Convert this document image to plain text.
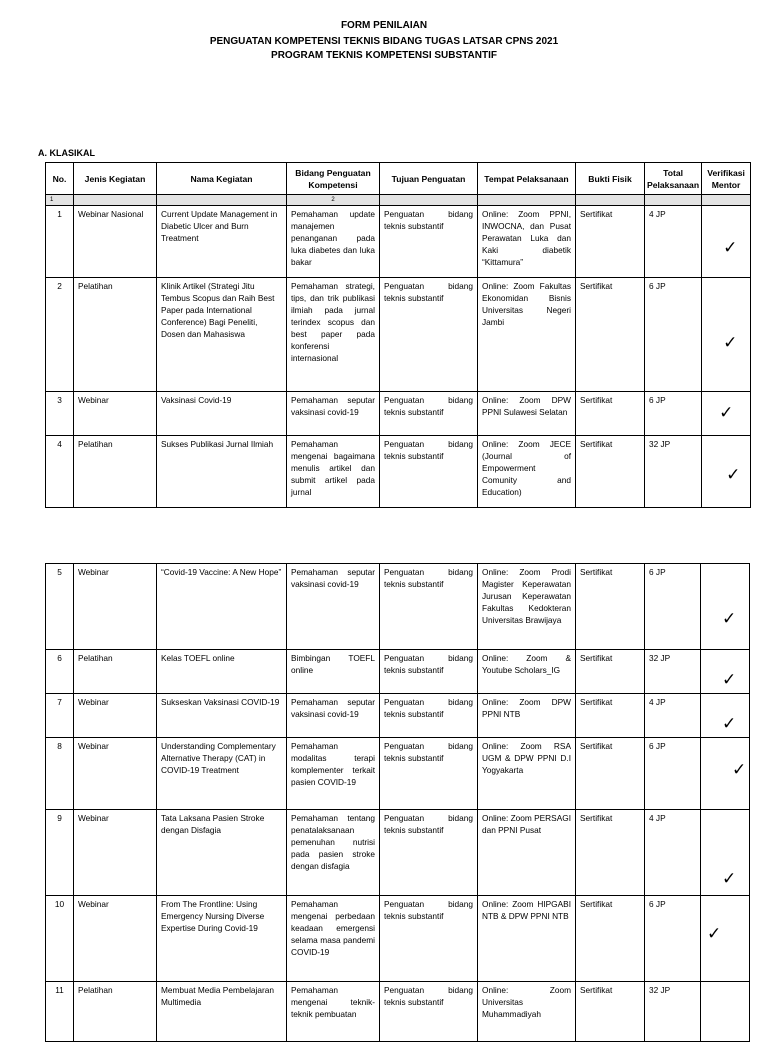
FORM PENILAIAN
PENGUATAN KOMPETENSI TEKNIS BIDANG TUGAS LATSAR CPNS 2021
PROGRAM TEKNIS KOMPETENSI SUBSTANTIF
A. KLASIKAL
No.	Jenis Kegiatan	Nama Kegiatan	Bidang Penguatan Kompetensi	Tujuan Penguatan	Tempat Pelaksanaan	Bukti Fisik	Total Pelaksanaan	Verifikasi Mentor
1			2					
1	Webinar Nasional	Current Update Management in Diabetic Ulcer and Burn Treatment	Pemahaman update manajemen penanganan pada luka diabetes dan luka bakar	Penguatan bidang teknis substantif	Online: Zoom PPNI, INWOCNA, dan Pusat Perawatan Luka dan Kaki diabetik “Kittamura”	Sertifikat	4 JP	✓

2	Pelatihan	Klinik Artikel (Strategi Jitu Tembus Scopus dan Raih Best Paper pada International Conference) Bagi Peneliti, Dosen dan Mahasiswa	Pemahaman strategi, tips, dan trik publikasi ilmiah pada jurnal terindex scopus dan best paper pada konferensi internasional	Penguatan bidang teknis substantif	Online: Zoom Fakultas Ekonomidan Bisnis Universitas Negeri Jambi	Sertifikat	6 JP	✓

3	Webinar	Vaksinasi Covid-19	Pemahaman seputar vaksinasi covid-19	Penguatan bidang teknis substantif	Online: Zoom DPW PPNI Sulawesi Selatan	Sertifikat	6 JP	✓

4	Pelatihan	Sukses Publikasi Jurnal Ilmiah	Pemahaman mengenai bagaimana menulis artikel dan submit artikel pada jurnal	Penguatan bidang teknis substantif	Online: Zoom JECE (Journal of Empowerment Comunity and Education)	Sertifikat	32 JP	✓
5	Webinar	“Covid-19 Vaccine: A New Hope”	Pemahaman seputar vaksinasi covid-19	Penguatan bidang teknis substantif	Online: Zoom Prodi Magister Keperawatan Jurusan Keperawatan Fakultas Kedokteran Universitas Brawijaya	Sertifikat	6 JP	✓

6	Pelatihan	Kelas TOEFL online	Bimbingan TOEFL online	Penguatan bidang teknis substantif	Online: Zoom & Youtube Scholars_IG	Sertifikat	32 JP	✓

7	Webinar	Sukseskan Vaksinasi COVID-19	Pemahaman seputar vaksinasi covid-19	Penguatan bidang teknis substantif	Online: Zoom DPW PPNI NTB	Sertifikat	4 JP	✓

8	Webinar	Understanding Complementary Alternative Therapy (CAT) in COVID-19 Treatment	Pemahaman modalitas terapi komplementer terkait pasien COVID-19	Penguatan bidang teknis substantif	Online: Zoom RSA UGM & DPW PPNI D.I Yogyakarta	Sertifikat	6 JP	✓

9	Webinar	Tata Laksana Pasien Stroke dengan Disfagia	Pemahaman tentang penatalaksanaan pemenuhan nutrisi pada pasien stroke dengan disfagia	Penguatan bidang teknis substantif	Online: Zoom PERSAGI dan PPNI Pusat	Sertifikat	4 JP	✓

10	Webinar	From The Frontline: Using Emergency Nursing Diverse Expertise During Covid-19	Pemahaman mengenai perbedaan keadaan emergensi selama masa pandemi COVID-19	Penguatan bidang teknis substantif	Online: Zoom HIPGABI NTB & DPW PPNI NTB	Sertifikat	6 JP	✓

11	Pelatihan	Membuat Media Pembelajaran Multimedia	Pemahaman mengenai teknik-teknik pembuatan	Penguatan bidang teknis substantif	Online: Zoom Universitas Muhammadiyah	Sertifikat	32 JP	
